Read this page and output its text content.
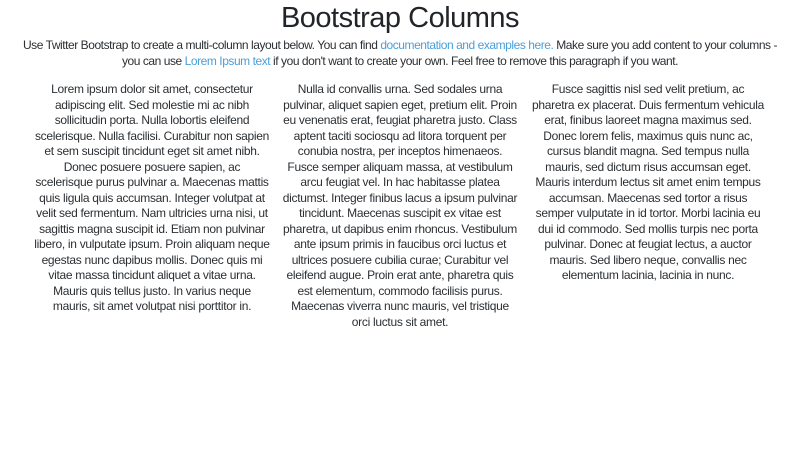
Bootstrap Columns

Use Twitter Bootstrap to create a multi-column layout below. You can find documentation and examples here. Make sure you add content to your columns - you can use Lorem Ipsum text if you don't want to create your own. Feel free to remove this paragraph if you want.

Lorem ipsum dolor sit amet, consectetur adipiscing elit. Sed molestie mi ac nibh sollicitudin porta. Nulla lobortis eleifend scelerisque. Nulla facilisi. Curabitur non sapien et sem suscipit tincidunt eget sit amet nibh. Donec posuere posuere sapien, ac scelerisque purus pulvinar a. Maecenas mattis quis ligula quis accumsan. Integer volutpat at velit sed fermentum. Nam ultricies urna nisi, ut sagittis magna suscipit id. Etiam non pulvinar libero, in vulputate ipsum. Proin aliquam neque egestas nunc dapibus mollis. Donec quis mi vitae massa tincidunt aliquet a vitae urna. Mauris quis tellus justo. In varius neque mauris, sit amet volutpat nisi porttitor in.

Nulla id convallis urna. Sed sodales urna pulvinar, aliquet sapien eget, pretium elit. Proin eu venenatis erat, feugiat pharetra justo. Class aptent taciti sociosqu ad litora torquent per conubia nostra, per inceptos himenaeos. Fusce semper aliquam massa, at vestibulum arcu feugiat vel. In hac habitasse platea dictumst. Integer finibus lacus a ipsum pulvinar tincidunt. Maecenas suscipit ex vitae est pharetra, ut dapibus enim rhoncus. Vestibulum ante ipsum primis in faucibus orci luctus et ultrices posuere cubilia curae; Curabitur vel eleifend augue. Proin erat ante, pharetra quis est elementum, commodo facilisis purus. Maecenas viverra nunc mauris, vel tristique orci luctus sit amet.

Fusce sagittis nisl sed velit pretium, ac pharetra ex placerat. Duis fermentum vehicula erat, finibus laoreet magna maximus sed. Donec lorem felis, maximus quis nunc ac, cursus blandit magna. Sed tempus nulla mauris, sed dictum risus accumsan eget. Mauris interdum lectus sit amet enim tempus accumsan. Maecenas sed tortor a risus semper vulputate in id tortor. Morbi lacinia eu dui id commodo. Sed mollis turpis nec porta pulvinar. Donec at feugiat lectus, a auctor mauris. Sed libero neque, convallis nec elementum lacinia, lacinia in nunc.
